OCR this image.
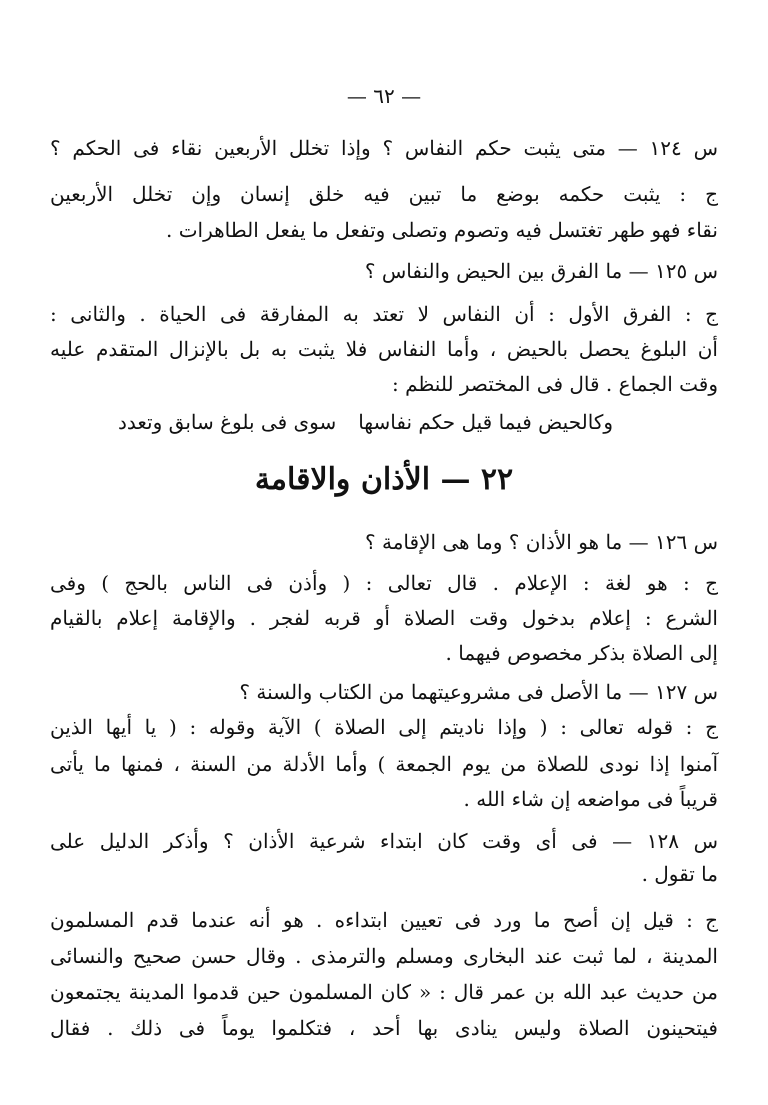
— ٦٢ —
س ١٢٤ — متى يثبت حكم النفاس ؟ وإذا تخلل الأربعين نقاء فى الحكم ؟
ج : يثبت حكمه بوضع ما تبين فيه خلق إنسان وإن تخلل الأربعين
نقاء فهو طهر تغتسل فيه وتصوم وتصلى وتفعل ما يفعل الطاهرات .
س ١٢٥ — ما الفرق بين الحيض والنفاس ؟
ج : الفرق الأول : أن النفاس لا تعتد به المفارقة فى الحياة . والثانى :
أن البلوغ يحصل بالحيض ، وأما النفاس فلا يثبت به بل بالإنزال المتقدم عليه
وقت الجماع . قال فى المختصر للنظم :
وكالحيض فيما قيل حكم نفاسها
سوى فى بلوغ سابق وتعدد
٢٢ — الأذان والاقامة
س ١٢٦ — ما هو الأذان ؟ وما هى الإقامة ؟
ج : هو لغة : الإعلام . قال تعالى : ( وأذن فى الناس بالحج ) وفى
الشرع : إعلام بدخول وقت الصلاة أو قربه لفجر . والإقامة إعلام بالقيام
إلى الصلاة بذكر مخصوص فيهما .
س ١٢٧ — ما الأصل فى مشروعيتهما من الكتاب والسنة ؟
ج : قوله تعالى : ( وإذا ناديتم إلى الصلاة ) الآية وقوله : ( يا أيها الذين
آمنوا إذا نودى للصلاة من يوم الجمعة ) وأما الأدلة من السنة ، فمنها ما يأتى
قريباً فى مواضعه إن شاء الله .
س ١٢٨ — فى أى وقت كان ابتداء شرعية الأذان ؟ وأذكر الدليل على
ما تقول .
ج : قيل إن أصح ما ورد فى تعيين ابتداءه . هو أنه عندما قدم المسلمون
المدينة ، لما ثبت عند البخارى ومسلم والترمذى . وقال حسن صحيح والنسائى
من حديث عبد الله بن عمر قال : « كان المسلمون حين قدموا المدينة يجتمعون
فيتحينون الصلاة وليس ينادى بها أحد ، فتكلموا يوماً فى ذلك . فقال
